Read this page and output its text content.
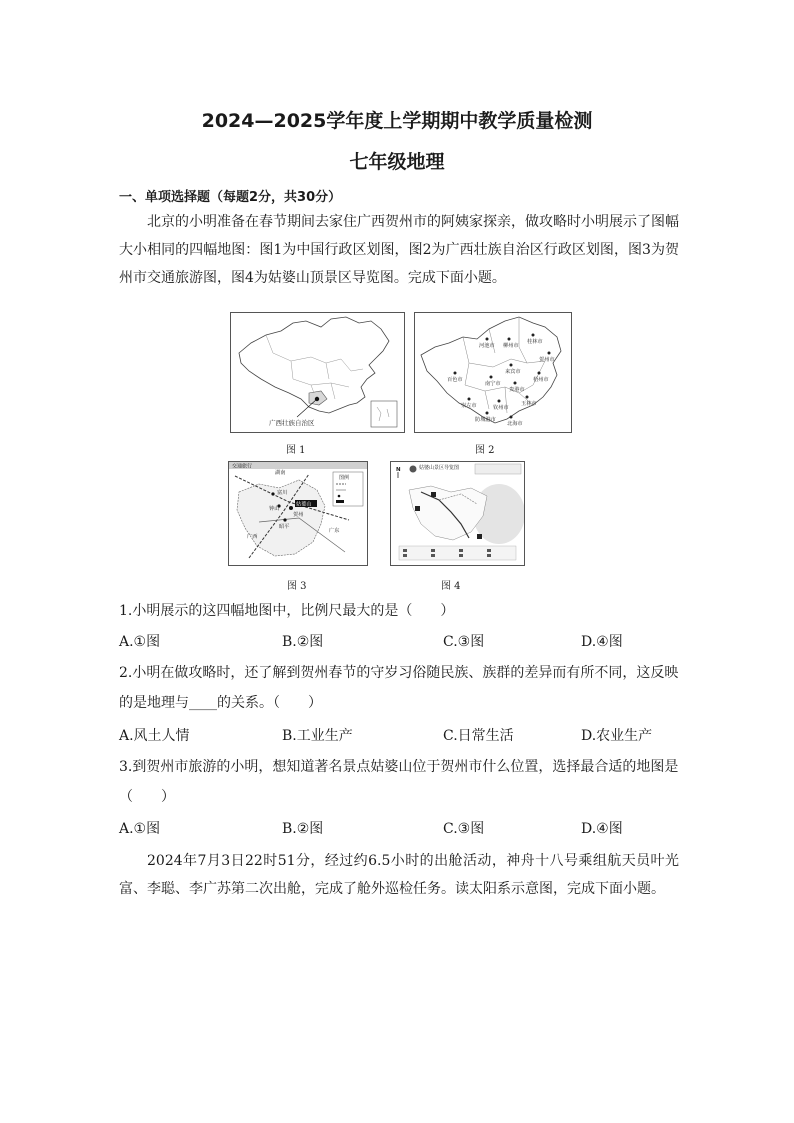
2024—2025学年度上学期期中教学质量检测
七年级地理
一、单项选择题（每题2分，共30分）

北京的小明准备在春节期间去家住广西贺州市的阿姨家探亲，做攻略时小明展示了图幅大小相同的四幅地图：图1为中国行政区划图，图2为广西壮族自治区行政区划图，图3为贺州市交通旅游图，图4为姑婆山顶景区导览图。完成下面小题。

广西壮族自治区
河池市 柳州市
桂林市
贺州市
百色市
来宾市
梧州市
南宁市
贵港市
崇左市	钦州市
防城港市
北海市
玉林市
交通旅行
湖南
富川
钟山
姑婆山
贺州
昭平
广西
广东
图例
N	姑婆山景区导览图
图 1	图 2
图 3	图 4

1.小明展示的这四幅地图中，比例尺最大的是（　　）

A.①图	B.②图	C.③图	D.④图

2.小明在做攻略时，还了解到贺州春节的守岁习俗随民族、族群的差异而有所不同，这反映的是地理与____的关系。（　　）

A.风土人情	B.工业生产	C.日常生活	D.农业生产

3.到贺州市旅游的小明，想知道著名景点姑婆山位于贺州市什么位置，选择最合适的地图是（　　）

A.①图	B.②图	C.③图	D.④图

2024年7月3日22时51分，经过约6.5小时的出舱活动，神舟十八号乘组航天员叶光富、李聪、李广苏第二次出舱，完成了舱外巡检任务。读太阳系示意图，完成下面小题。
